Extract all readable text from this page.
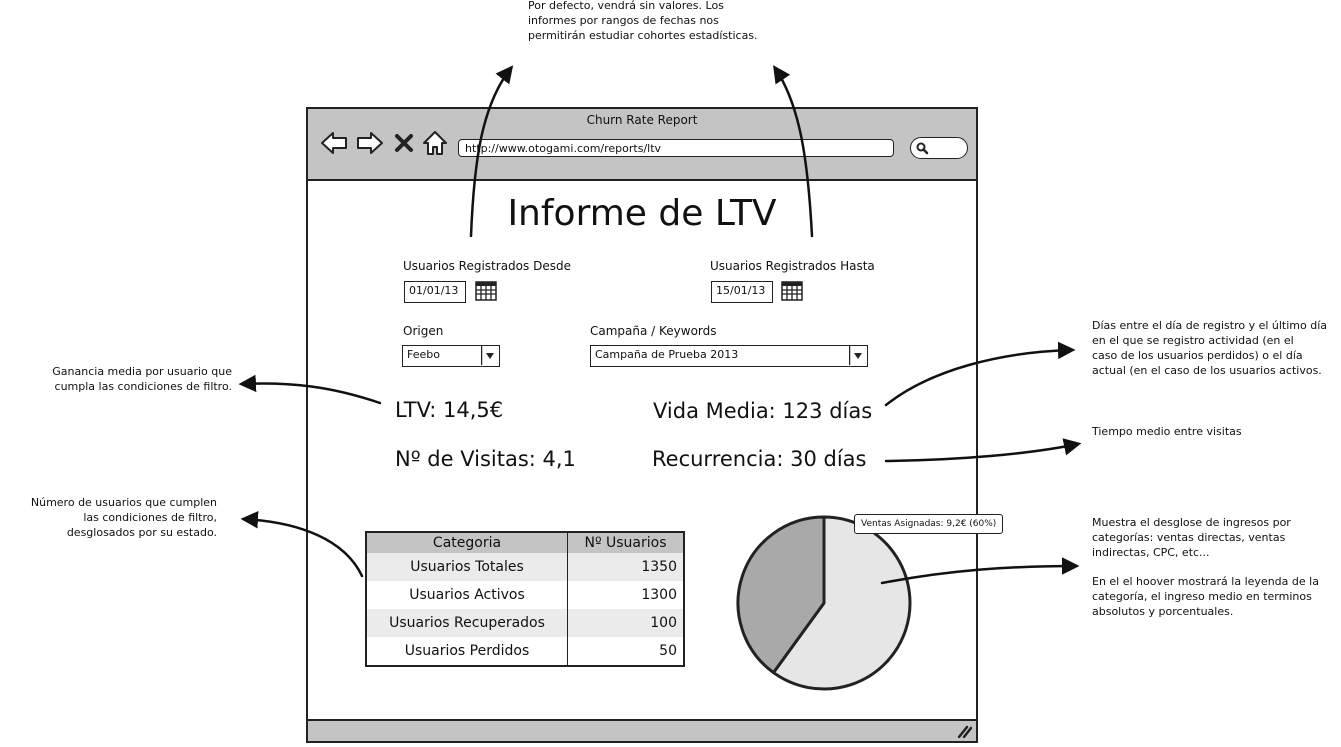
Por defecto, vendrá sin valores. Los
informes por rangos de fechas nos
permitirán estudiar cohortes estadísticas.
Ganancia media por usuario que
cumpla las condiciones de filtro.
Número de usuarios que cumplen
las condiciones de filtro,
desglosados por su estado.
Días entre el día de registro y el último día
en el que se registro actividad (en el
caso de los usuarios perdidos) o el día
actual (en el caso de los usuarios activos.
Tiempo medio entre visitas
Muestra el desglose de ingresos por
categorías: ventas directas, ventas
indirectas, CPC, etc...
En el el hoover mostrará la leyenda de la
categoría, el ingreso medio en terminos
absolutos y porcentuales.
Churn Rate Report
http://www.otogami.com/reports/ltv
Informe de LTV
Usuarios Registrados Desde
01/01/13
Usuarios Registrados Hasta
15/01/13
Origen
Feebo
Campaña / Keywords
Campaña de Prueba 2013
LTV: 14,5€	Vida Media: 123 días
Nº de Visitas: 4,1	Recurrencia: 30 días
Categoria	Nº Usuarios
Usuarios Totales	1350
Usuarios Activos	1300
Usuarios Recuperados	100
Usuarios Perdidos	50
Ventas Asignadas: 9,2€ (60%)
